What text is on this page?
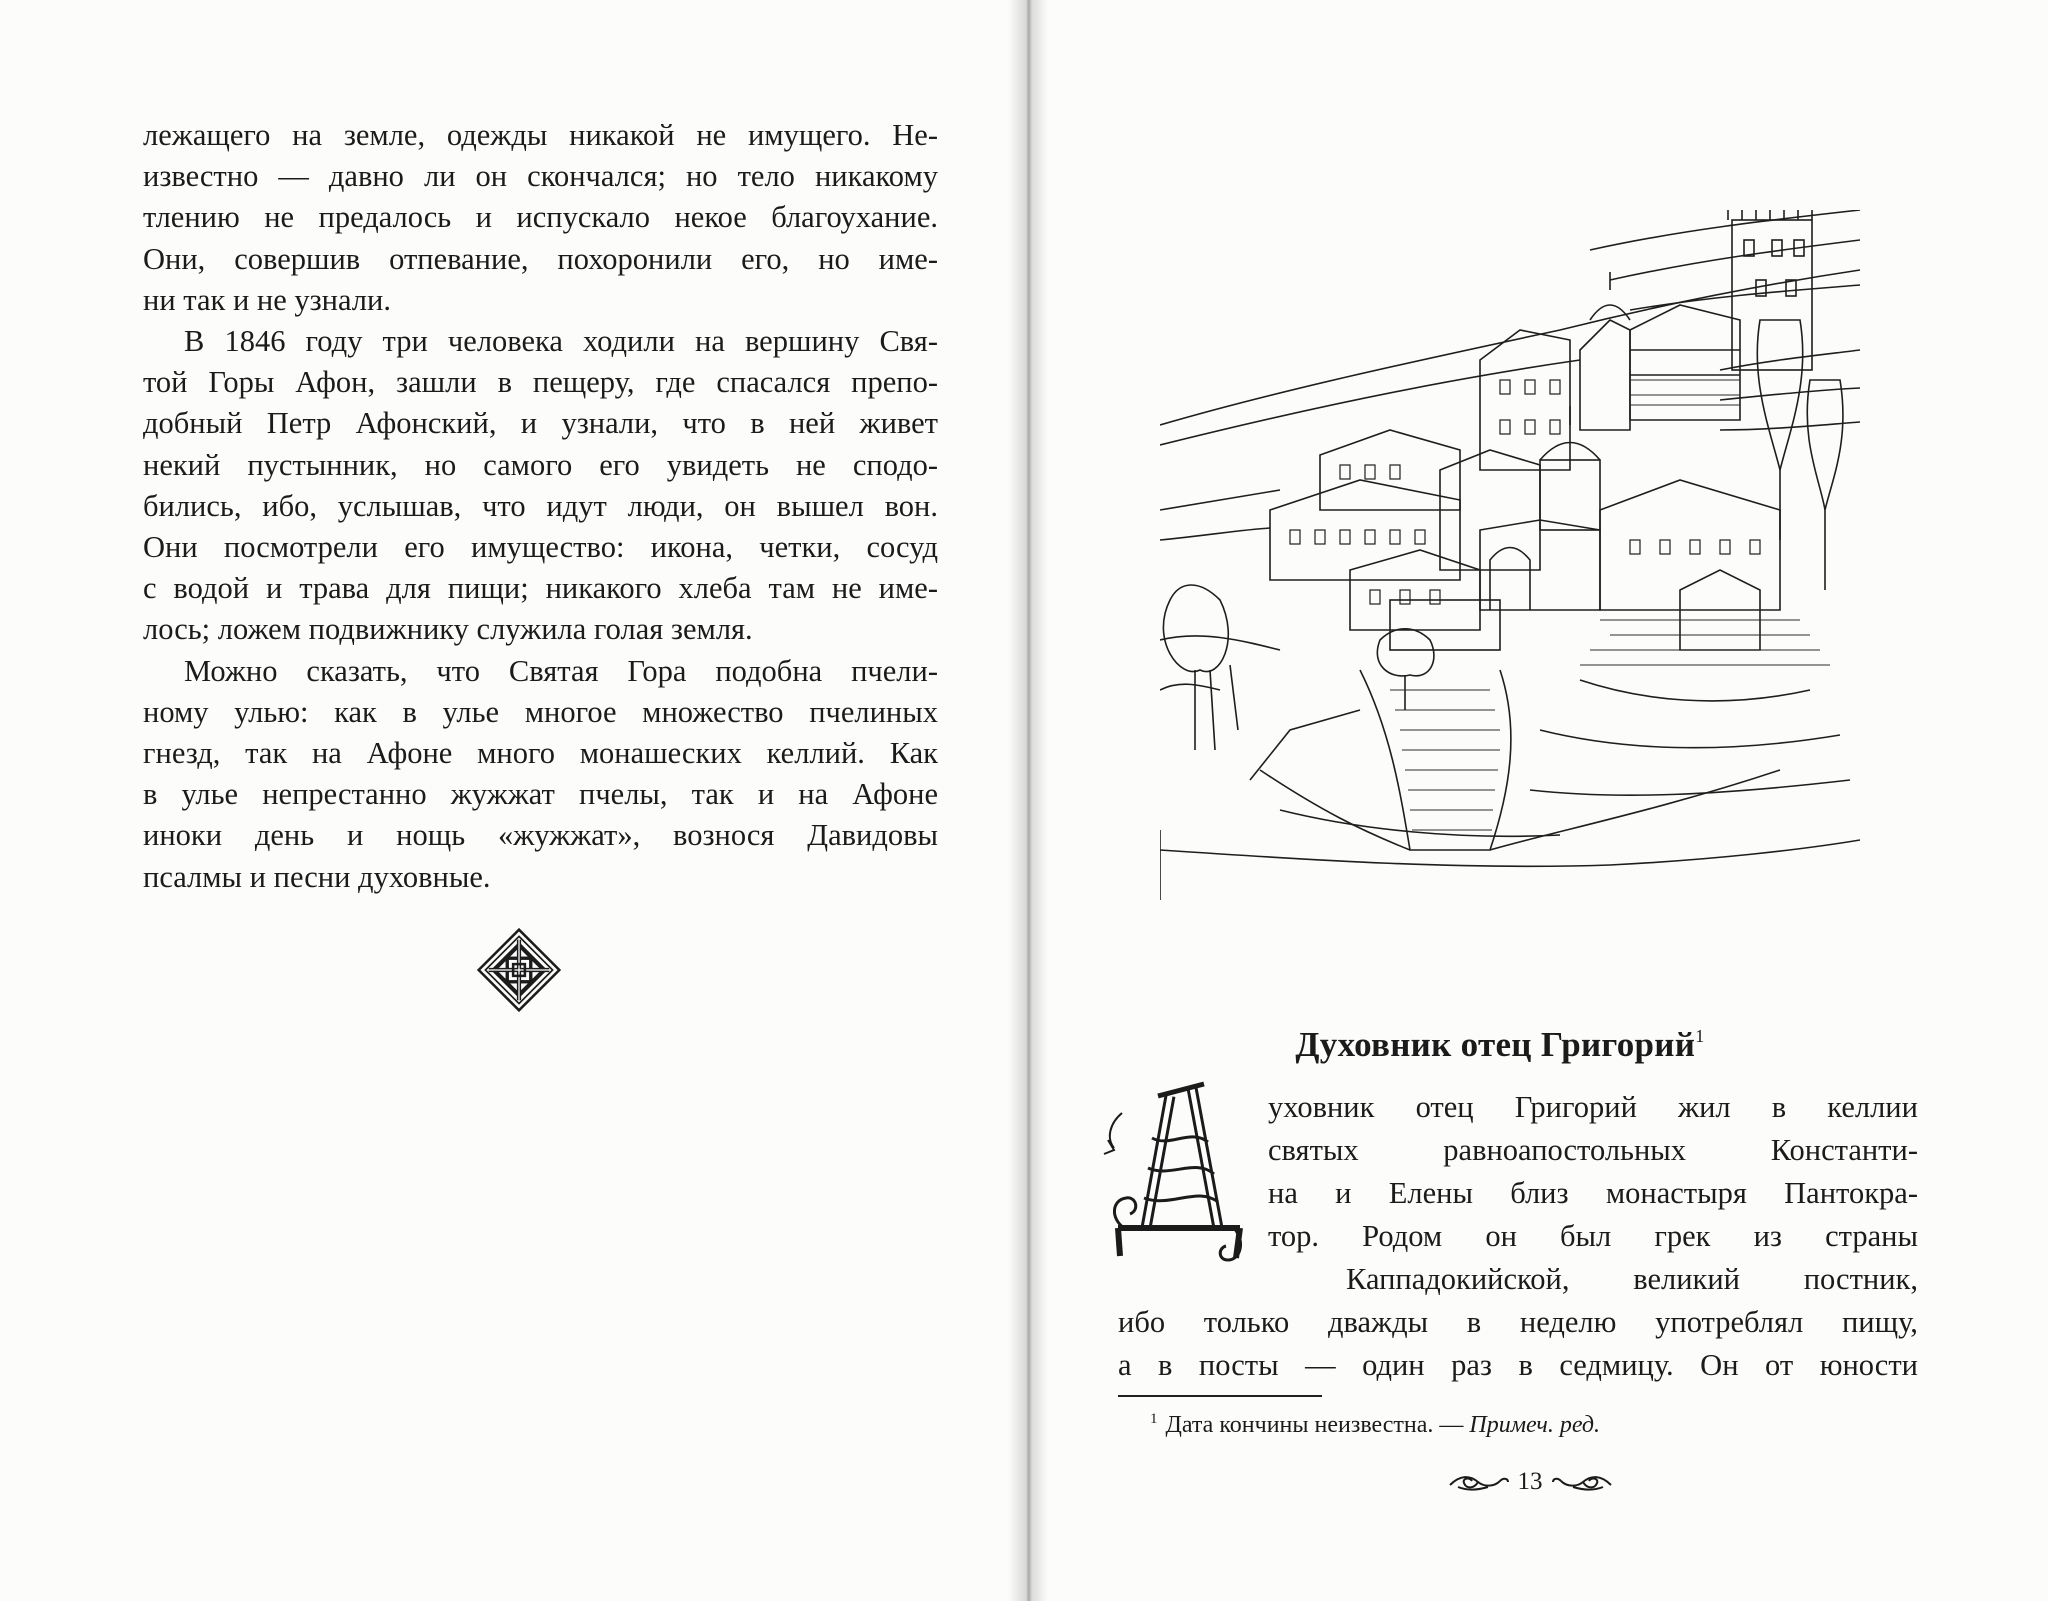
лежащего на земле, одежды никакой не имущего. Не-
известно — давно ли он скончался; но тело никакому
тлению не предалось и испускало некое благоухание.
Они, совершив отпевание, похоронили его, но име-
ни так и не узнали.

В 1846 году три человека ходили на вершину Свя-
той Горы Афон, зашли в пещеру, где спасался препо-
добный Петр Афонский, и узнали, что в ней живет
некий пустынник, но самого его увидеть не сподо-
бились, ибо, услышав, что идут люди, он вышел вон.
Они посмотрели его имущество: икона, четки, сосуд
с водой и трава для пищи; никакого хлеба там не име-
лось; ложем подвижнику служила голая земля.

Можно сказать, что Святая Гора подобна пчели-
ному улью: как в улье многое множество пчелиных
гнезд, так на Афоне много монашеских келлий. Как
в улье непрестанно жужжат пчелы, так и на Афоне
иноки день и нощь «жужжат», вознося Давидовы
псалмы и песни духовные.

Духовник отец Григорий$^1$
уховник отец Григорий жил в келлии
святых	равноапостольных	Константи-
на и Елены близ монастыря Пантокра-
тор. Родом он был грек из страны
Каппадокийской, великий постник,
ибо только дважды в неделю употреблял пищу,
а в посты — один раз в седмицу. Он от юности
$^1$ Дата кончины неизвестна. — Примеч. ред.
13
